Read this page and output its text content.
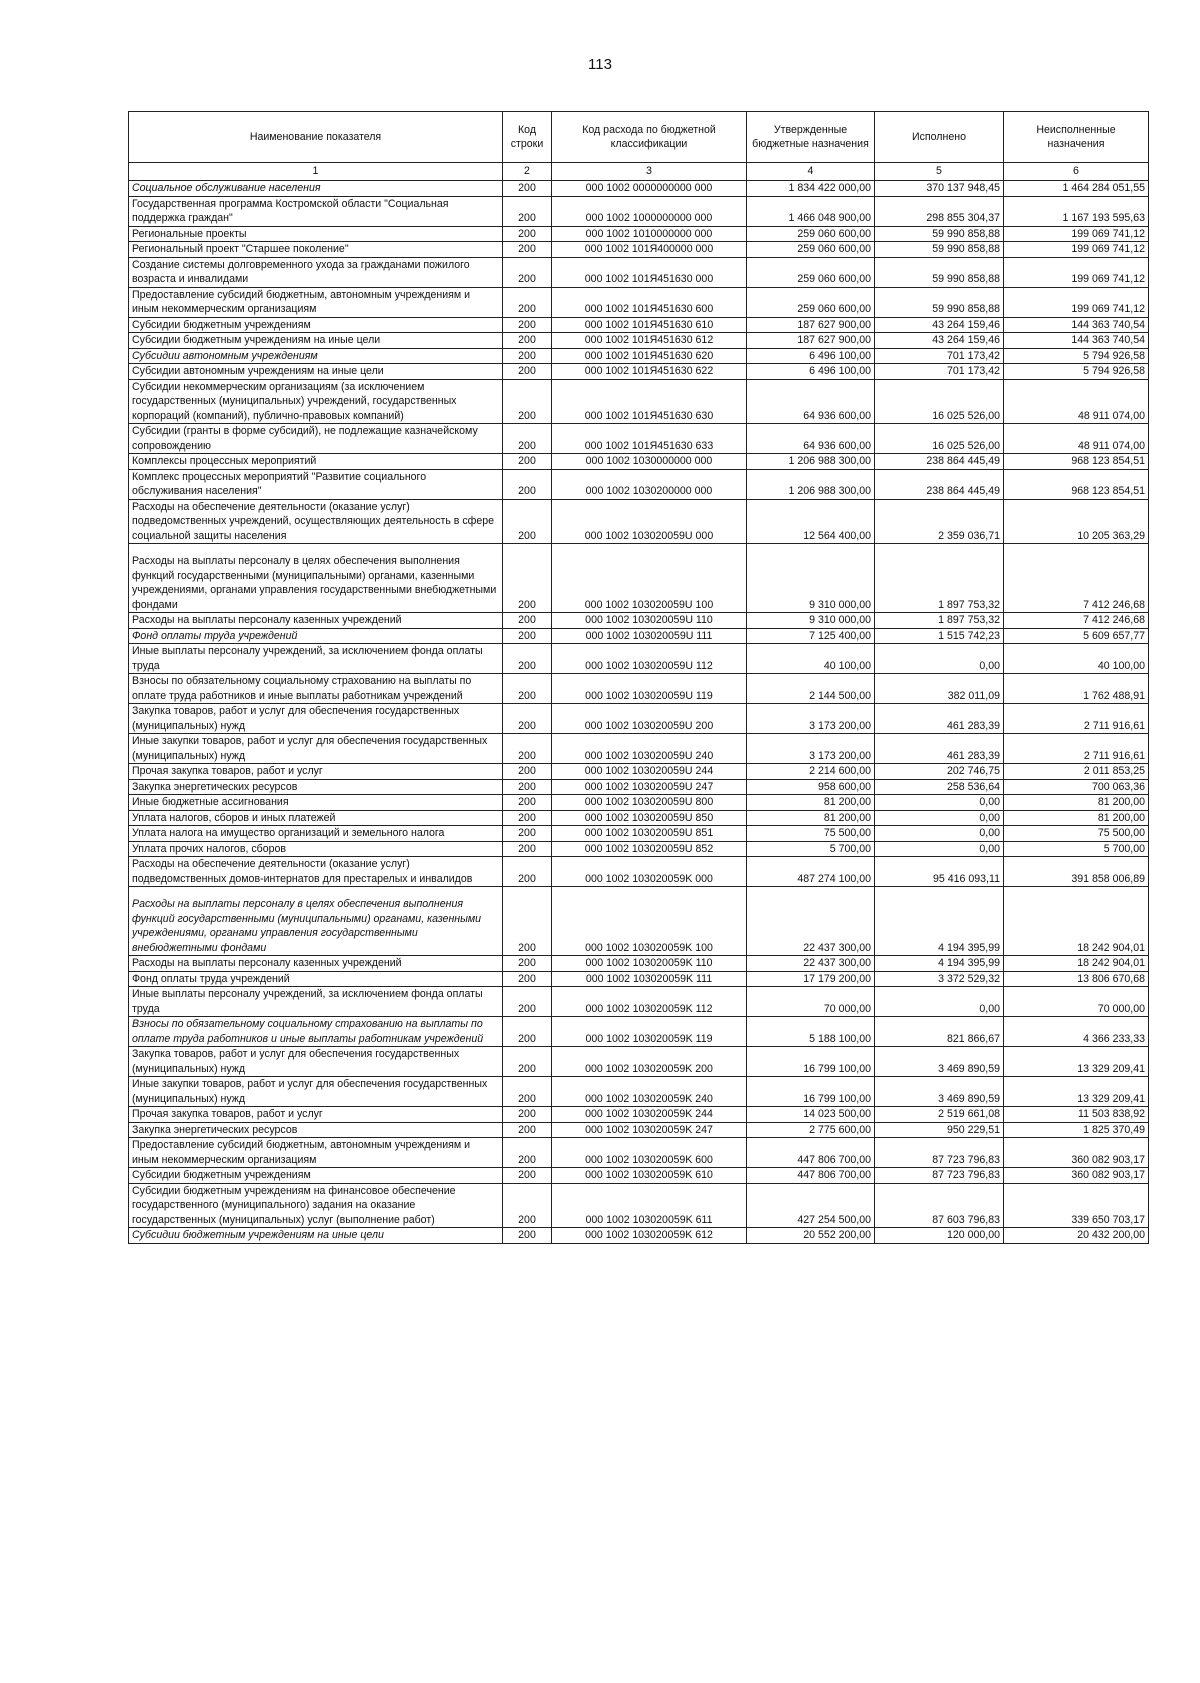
113
Наименование показателя	Код строки	Код расхода по бюджетной классификации	Утвержденные бюджетные назначения	Исполнено	Неисполненные назначения
1	2	3	4	5	6
Социальное обслуживание населения	200	000 1002 0000000000 000	1 834 422 000,00	370 137 948,45	1 464 284 051,55
Государственная программа Костромской области "Социальная поддержка граждан"	200	000 1002 1000000000 000	1 466 048 900,00	298 855 304,37	1 167 193 595,63
Региональные проекты	200	000 1002 1010000000 000	259 060 600,00	59 990 858,88	199 069 741,12
Региональный проект "Старшее поколение"	200	000 1002 101Я400000 000	259 060 600,00	59 990 858,88	199 069 741,12
Создание системы долговременного ухода за гражданами пожилого возраста и инвалидами	200	000 1002 101Я451630 000	259 060 600,00	59 990 858,88	199 069 741,12
Предоставление субсидий бюджетным, автономным учреждениям и иным некоммерческим организациям	200	000 1002 101Я451630 600	259 060 600,00	59 990 858,88	199 069 741,12
Субсидии бюджетным учреждениям	200	000 1002 101Я451630 610	187 627 900,00	43 264 159,46	144 363 740,54
Субсидии бюджетным учреждениям на иные цели	200	000 1002 101Я451630 612	187 627 900,00	43 264 159,46	144 363 740,54
Субсидии автономным учреждениям	200	000 1002 101Я451630 620	6 496 100,00	701 173,42	5 794 926,58
Субсидии автономным учреждениям на иные цели	200	000 1002 101Я451630 622	6 496 100,00	701 173,42	5 794 926,58
Субсидии некоммерческим организациям (за исключением государственных (муниципальных) учреждений, государственных корпораций (компаний), публично-правовых компаний)	200	000 1002 101Я451630 630	64 936 600,00	16 025 526,00	48 911 074,00
Субсидии (гранты в форме субсидий), не подлежащие казначейскому сопровождению	200	000 1002 101Я451630 633	64 936 600,00	16 025 526,00	48 911 074,00
Комплексы процессных мероприятий	200	000 1002 1030000000 000	1 206 988 300,00	238 864 445,49	968 123 854,51
Комплекс процессных мероприятий "Развитие социального обслуживания населения"	200	000 1002 1030200000 000	1 206 988 300,00	238 864 445,49	968 123 854,51
Расходы на обеспечение деятельности (оказание услуг) подведомственных учреждений, осуществляющих деятельность в сфере социальной защиты населения	200	000 1002 103020059U 000	12 564 400,00	2 359 036,71	10 205 363,29
Расходы на выплаты персоналу в целях обеспечения выполнения функций государственными (муниципальными) органами, казенными учреждениями, органами управления государственными внебюджетными фондами	200	000 1002 103020059U 100	9 310 000,00	1 897 753,32	7 412 246,68
Расходы на выплаты персоналу казенных учреждений	200	000 1002 103020059U 110	9 310 000,00	1 897 753,32	7 412 246,68
Фонд оплаты труда учреждений	200	000 1002 103020059U 111	7 125 400,00	1 515 742,23	5 609 657,77
Иные выплаты персоналу учреждений, за исключением фонда оплаты труда	200	000 1002 103020059U 112	40 100,00	0,00	40 100,00
Взносы по обязательному социальному страхованию на выплаты по оплате труда работников и иные выплаты работникам учреждений	200	000 1002 103020059U 119	2 144 500,00	382 011,09	1 762 488,91
Закупка товаров, работ и услуг для обеспечения государственных (муниципальных) нужд	200	000 1002 103020059U 200	3 173 200,00	461 283,39	2 711 916,61
Иные закупки товаров, работ и услуг для обеспечения государственных (муниципальных) нужд	200	000 1002 103020059U 240	3 173 200,00	461 283,39	2 711 916,61
Прочая закупка товаров, работ и услуг	200	000 1002 103020059U 244	2 214 600,00	202 746,75	2 011 853,25
Закупка энергетических ресурсов	200	000 1002 103020059U 247	958 600,00	258 536,64	700 063,36
Иные бюджетные ассигнования	200	000 1002 103020059U 800	81 200,00	0,00	81 200,00
Уплата налогов, сборов и иных платежей	200	000 1002 103020059U 850	81 200,00	0,00	81 200,00
Уплата налога на имущество организаций и земельного налога	200	000 1002 103020059U 851	75 500,00	0,00	75 500,00
Уплата прочих налогов, сборов	200	000 1002 103020059U 852	5 700,00	0,00	5 700,00
Расходы на обеспечение деятельности (оказание услуг) подведомственных домов-интернатов для престарелых и инвалидов	200	000 1002 103020059K 000	487 274 100,00	95 416 093,11	391 858 006,89
Расходы на выплаты персоналу в целях обеспечения выполнения функций государственными (муниципальными) органами, казенными учреждениями, органами управления государственными внебюджетными фондами	200	000 1002 103020059K 100	22 437 300,00	4 194 395,99	18 242 904,01
Расходы на выплаты персоналу казенных учреждений	200	000 1002 103020059K 110	22 437 300,00	4 194 395,99	18 242 904,01
Фонд оплаты труда учреждений	200	000 1002 103020059K 111	17 179 200,00	3 372 529,32	13 806 670,68
Иные выплаты персоналу учреждений, за исключением фонда оплаты труда	200	000 1002 103020059K 112	70 000,00	0,00	70 000,00
Взносы по обязательному социальному страхованию на выплаты по оплате труда работников и иные выплаты работникам учреждений	200	000 1002 103020059K 119	5 188 100,00	821 866,67	4 366 233,33
Закупка товаров, работ и услуг для обеспечения государственных (муниципальных) нужд	200	000 1002 103020059K 200	16 799 100,00	3 469 890,59	13 329 209,41
Иные закупки товаров, работ и услуг для обеспечения государственных (муниципальных) нужд	200	000 1002 103020059K 240	16 799 100,00	3 469 890,59	13 329 209,41
Прочая закупка товаров, работ и услуг	200	000 1002 103020059K 244	14 023 500,00	2 519 661,08	11 503 838,92
Закупка энергетических ресурсов	200	000 1002 103020059K 247	2 775 600,00	950 229,51	1 825 370,49
Предоставление субсидий бюджетным, автономным учреждениям и иным некоммерческим организациям	200	000 1002 103020059K 600	447 806 700,00	87 723 796,83	360 082 903,17
Субсидии бюджетным учреждениям	200	000 1002 103020059K 610	447 806 700,00	87 723 796,83	360 082 903,17
Субсидии бюджетным учреждениям на финансовое обеспечение государственного (муниципального) задания на оказание государственных (муниципальных) услуг (выполнение работ)	200	000 1002 103020059K 611	427 254 500,00	87 603 796,83	339 650 703,17
Субсидии бюджетным учреждениям на иные цели	200	000 1002 103020059K 612	20 552 200,00	120 000,00	20 432 200,00
